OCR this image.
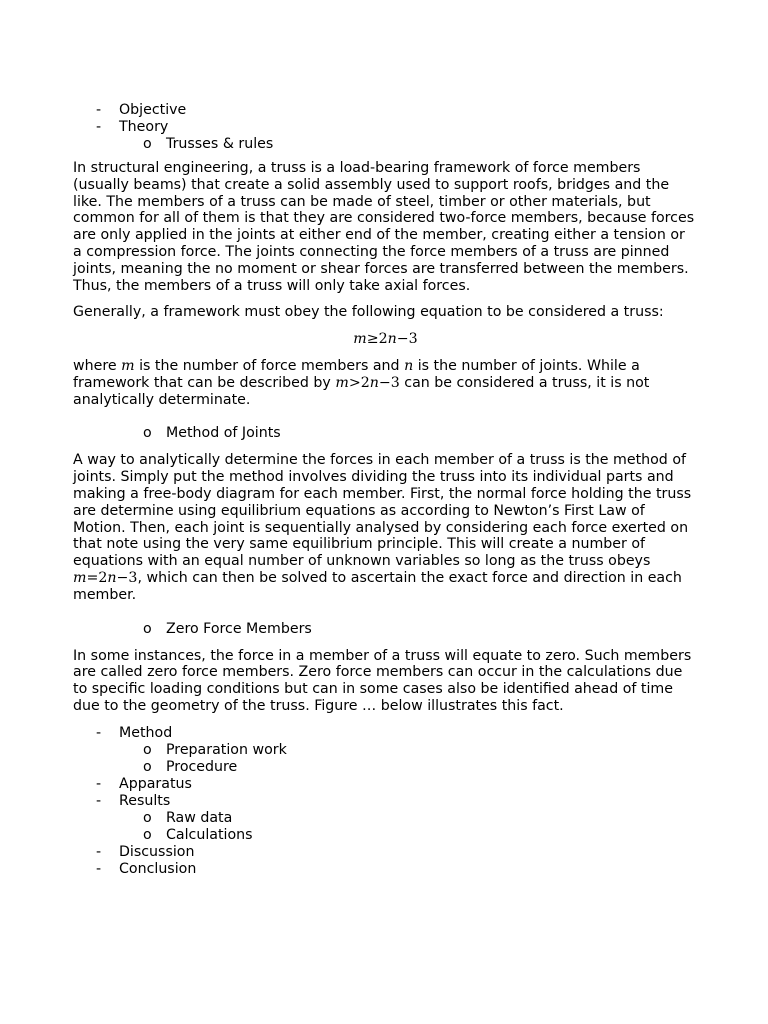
- Objective
- Theory
o Trusses & rules

In structural engineering, a truss is a load-bearing framework of force members (usually beams) that create a solid assembly used to support roofs, bridges and the like. The members of a truss can be made of steel, timber or other materials, but common for all of them is that they are considered two-force members, because forces are only applied in the joints at either end of the member, creating either a tension or a compression force. The joints connecting the force members of a truss are pinned joints, meaning the no moment or shear forces are transferred between the members. Thus, the members of a truss will only take axial forces.

Generally, a framework must obey the following equation to be considered a truss:

m≥2n−3

where m is the number of force members and n is the number of joints. While a framework that can be described by m>2n−3 can be considered a truss, it is not analytically determinate.

o Method of Joints

A way to analytically determine the forces in each member of a truss is the method of joints. Simply put the method involves dividing the truss into its individual parts and making a free-body diagram for each member. First, the normal force holding the truss are determine using equilibrium equations as according to Newton’s First Law of Motion. Then, each joint is sequentially analysed by considering each force exerted on that note using the very same equilibrium principle. This will create a number of equations with an equal number of unknown variables so long as the truss obeys m=2n−3, which can then be solved to ascertain the exact force and direction in each member.

o Zero Force Members

In some instances, the force in a member of a truss will equate to zero. Such members are called zero force members. Zero force members can occur in the calculations due to specific loading conditions but can in some cases also be identified ahead of time due to the geometry of the truss. Figure … below illustrates this fact.

- Method
o Preparation work
o Procedure
- Apparatus
- Results
o Raw data
o Calculations
- Discussion
- Conclusion
